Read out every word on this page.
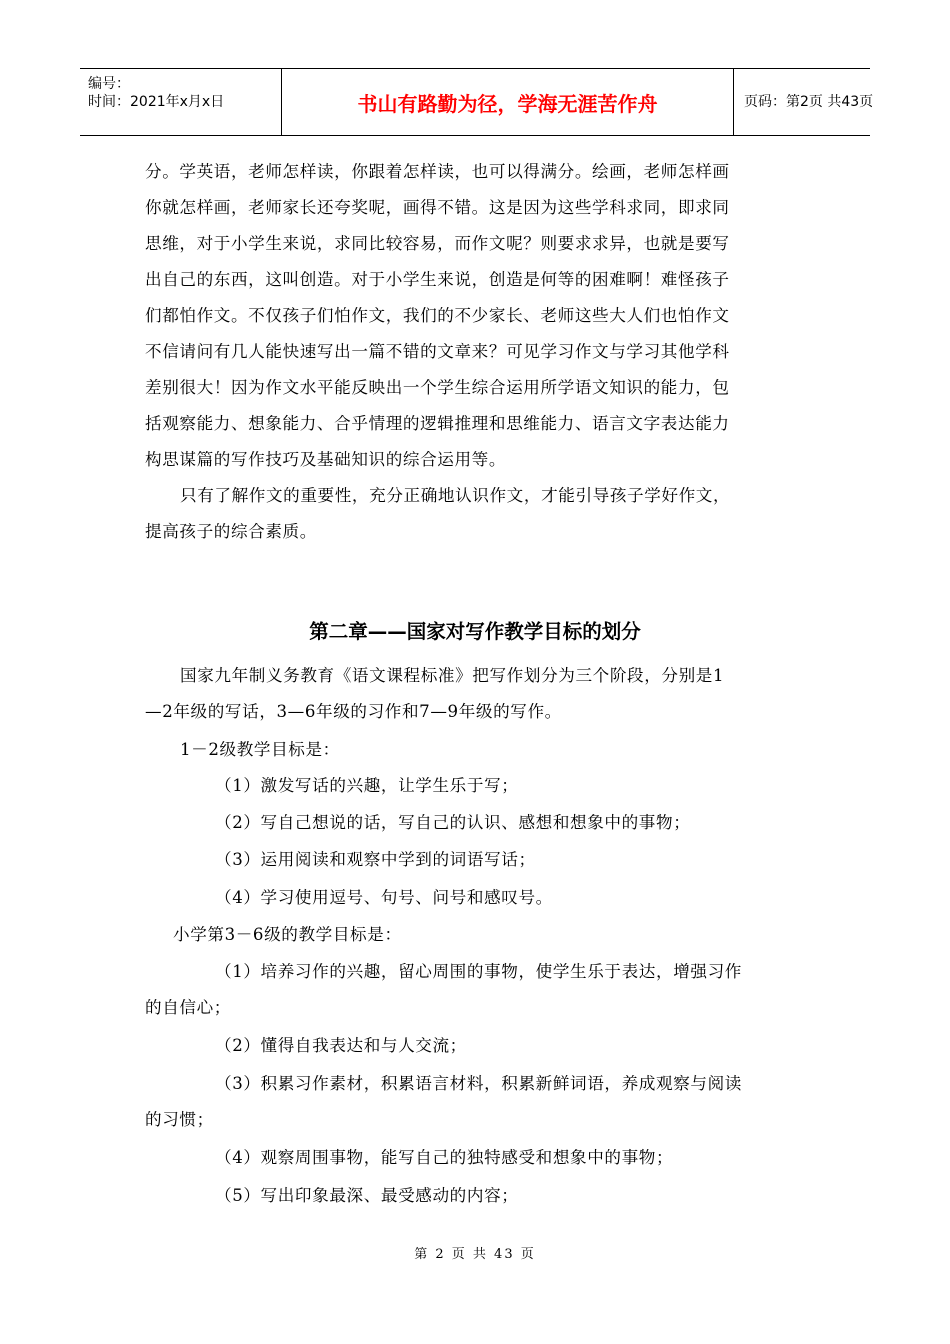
编号：
时间：2021年x月x日	书山有路勤为径，学海无涯苦作舟	页码：第2页 共43页
分。学英语，老师怎样读，你跟着怎样读，也可以得满分。绘画，老师怎样画
你就怎样画，老师家长还夸奖呢，画得不错。这是因为这些学科求同，即求同
思维，对于小学生来说，求同比较容易，而作文呢？则要求求异，也就是要写
出自己的东西，这叫创造。对于小学生来说，创造是何等的困难啊！难怪孩子
们都怕作文。不仅孩子们怕作文，我们的不少家长、老师这些大人们也怕作文
不信请问有几人能快速写出一篇不错的文章来？可见学习作文与学习其他学科
差别很大！因为作文水平能反映出一个学生综合运用所学语文知识的能力，包
括观察能力、想象能力、合乎情理的逻辑推理和思维能力、语言文字表达能力
构思谋篇的写作技巧及基础知识的综合运用等。
只有了解作文的重要性，充分正确地认识作文，才能引导孩子学好作文，
提高孩子的综合素质。
国家九年制义务教育《语文课程标准》把写作划分为三个阶段，分别是1
—2年级的写话，3—6年级的习作和7—9年级的写作。
1－2级教学目标是：
（1）激发写话的兴趣，让学生乐于写；
（2）写自己想说的话，写自己的认识、感想和想象中的事物；
（3）运用阅读和观察中学到的词语写话；
（4）学习使用逗号、句号、问号和感叹号。
小学第3－6级的教学目标是：
（1）培养习作的兴趣，留心周围的事物，使学生乐于表达，增强习作
的自信心；
（2）懂得自我表达和与人交流；
（3）积累习作素材，积累语言材料，积累新鲜词语，养成观察与阅读
的习惯；
（4）观察周围事物，能写自己的独特感受和想象中的事物；
（5）写出印象最深、最受感动的内容；
第二章——国家对写作教学目标的划分
第 2 页 共 43 页
